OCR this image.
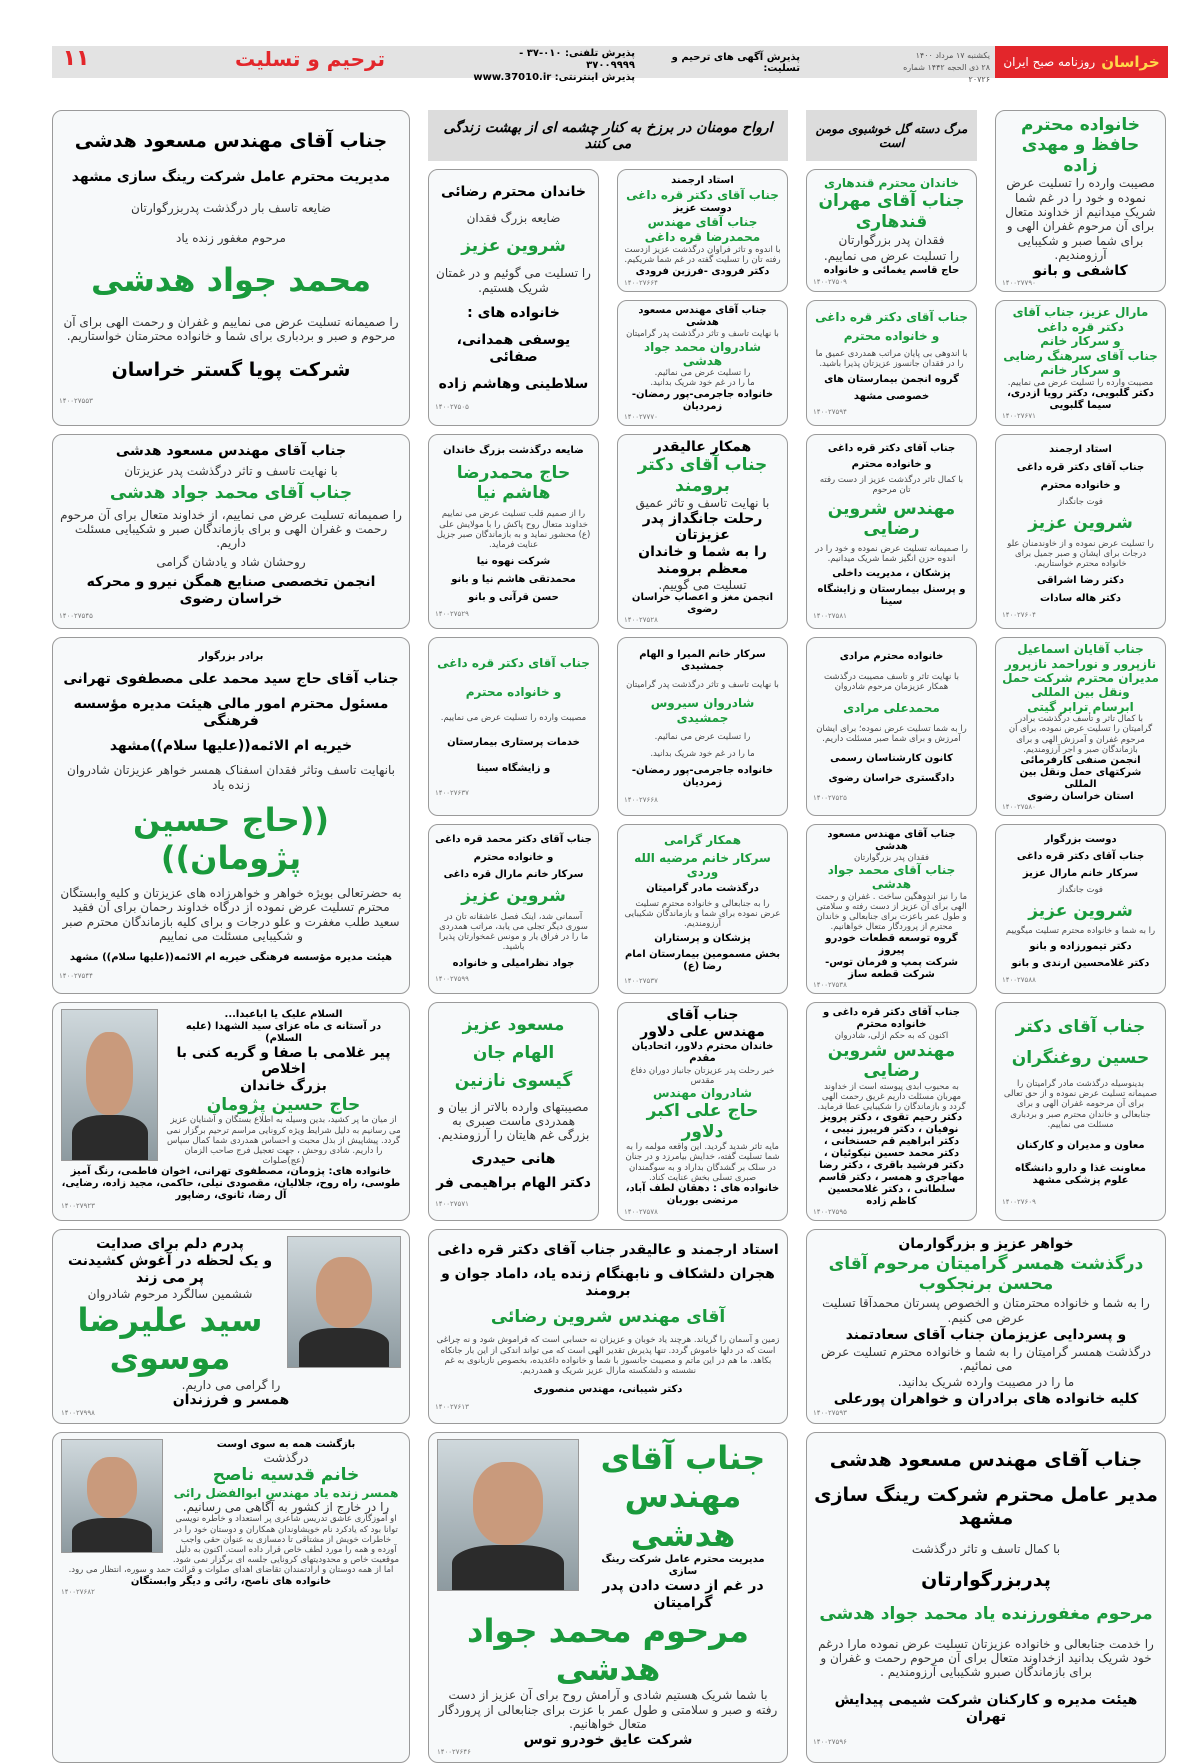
خراسان
روزنامه صبح ایران
یکشنبه ۱۷ مرداد ۱۴۰۰
۲۸ ذی الحجه ۱۴۴۲ شماره ۲۰۷۲۶
پذیرش آگهی های ترحیم و تسلیت:
پذیرش تلفنی: ۰۱۰-۳۷ - ۳۷۰۰۹۹۹۹
پذیرش اینترنتی: www.37010.ir
ترحیم و تسلیت
۱۱
جناب آقای مهندس مسعود هدشی
مدیریت محترم عامل شرکت رینگ سازی مشهد
ضایعه تاسف بار درگذشت پدربزرگوارتان
مرحوم مغفور زنده یاد
محمد جواد هدشی
را صمیمانه تسلیت عرض می نماییم و غفران و رحمت الهی برای آن مرحوم و صبر و بردباری برای شما و خانواده محترمتان خواستاریم.
شرکت پویا گستر خراسان
۱۴۰۰۲۷۵۵۳
ارواح مومنان در برزخ به کنار چشمه ای از بهشت زندگی می کنند
مرگ دسته گل خوشبوی مومن است
خانواده محترم
حافظ و مهدی زاده
مصیبت وارده را تسلیت عرض نموده و خود را در غم شما شریک میدانیم از خداوند متعال برای آن مرحوم غفران الهی و برای شما صبر و شکیبایی آرزومندیم.
کاشفی و بانو
۱۴۰۰۲۷۷۹۰
خاندان محترم رضائی
ضایعه بزرگ فقدان
شروین عزیز
را تسلیت می گوئیم و در غمتان شریک هستیم.
خانواده های :
یوسفی همدانی، صفائی
سلاطینی وهاشم زاده
۱۴۰۰۲۷۵۰۵
استاد ارجمند
جناب آقای دکتر قره داغی
دوست عزیز
جناب آقای مهندس محمدرضا قره داغی
با اندوه و تاثر فراوان درگذشت عزیز ازدست رفته تان را تسلیت گفته در غم شما شریکیم.
دکتر فرودی -فرزین فرودی
۱۴۰۰۲۷۶۶۴
خاندان محترم قندهاری
جناب آقای مهران قندهاری
فقدان پدر بزرگوارتان
را تسلیت عرض می نماییم.
حاج قاسم یغمائی و خانواده
۱۴۰۰۲۷۵۰۹
جناب آقای مهندس مسعود هدشی
با نهایت تاسف و تاثر درگذشت پدر گرامیتان
شادروان محمد جواد هدشی
را تسلیت عرض می نمائیم.
ما را در غم خود شریک بدانید.
خانواده جاجرمی-پور رمضان-زمردیان
۱۴۰۰۲۷۷۷۰
جناب آقای دکتر قره داغی
و خانواده محترم
با اندوهی بی پایان مراتب همدردی عمیق ما را در فقدان جانسوز عزیزتان پذیرا باشید.
گروه انجمن بیمارستان های
خصوصی مشهد
۱۴۰۰۲۷۵۹۴
مارال عزیز، جناب آقای دکتر قره داغی
و سرکار خانم
جناب آقای سرهنگ رضایی
و سرکار خانم
مصیبت وارده را تسلیت عرض می نماییم.
دکتر گلبویی، دکتر رویا ازدری، سیما گلبویی
۱۴۰۰۲۷۶۷۱
جناب آقای مهندس مسعود هدشی
با نهایت تاسف و تاثر درگذشت پدر عزیزتان
جناب آقای محمد جواد هدشی
را صمیمانه تسلیت عرض می نماییم، از خداوند متعال برای آن مرحوم رحمت و غفران الهی و برای بازماندگان صبر و شکیبایی مسئلت داریم.
روحشان شاد و یادشان گرامی
انجمن تخصصی صنایع همگن نیرو و محرکه خراسان رضوی
۱۴۰۰۲۷۵۴۵
ضایعه درگذشت بزرگ خاندان
حاج محمدرضا هاشم نیا
را از صمیم قلب تسلیت عرض می نماییم خداوند متعال روح پاکش را با مولایش علی (ع) محشور نماید و به بازماندگان صبر جزیل عنایت فرماید.
شرکت نهوه نیا
محمدتقی هاشم نیا و بانو
حسن قرآنی و بانو
۱۴۰۰۲۷۵۲۹
همکار عالیقدر
جناب آقای دکتر برومند
با نهایت تاسف و تاثر عمیق
رحلت جانگداز پدر عزیزتان
را به شما و خاندان معظم برومند
تسلیت می گوییم.
انجمن مغز و اعصاب خراسان رضوی
۱۴۰۰۲۷۵۲۸
جناب آقای دکتر قره داغی
و خانواده محترم
با کمال تاثر درگذشت عزیز از دست رفته تان مرحوم
مهندس شروین رضایی
را صمیمانه تسلیت عرض نموده و خود را در اندوه حزن انگیز شما شریک میدانیم.
پزشکان ، مدیریت داخلی
و پرسنل بیمارستان و زایشگاه سینا
۱۴۰۰۲۷۵۸۱
استاد ارجمند
جناب آقای دکتر قره داغی
و خانواده محترم
فوت جانگداز
شروین عزیز
را تسلیت عرض نموده و از خاوندمنان علو درجات برای ایشان و صبر جمیل برای خانواده محترم خواستاریم.
دکتر رضا اشراقی
دکتر هاله سادات
۱۴۰۰۲۷۶۰۴
برادر بزرگوار
جناب آقای حاج سید محمد علی مصطفوی تهرانی
مسئول محترم امور مالی هیئت مدیره مؤسسه فرهنگی
خیریه ام الائمه((علیها سلام))مشهد
بانهایت تاسف وتاثر فقدان اسفناک همسر خواهر عزیزتان شادروان زنده یاد
((حاج حسین پژومان))
به حضرتعالی بویژه خواهر و خواهرزاده های عزیزتان و کلیه وابستگان محترم تسلیت عرض نموده از درگاه خداوند رحمان برای آن فقید سعید طلب مغفرت و علو درجات و برای کلیه بازماندگان محترم صبر و شکیبایی مسئلت می نماییم
هیئت مدیره مؤسسه فرهنگی خیریه ام الائمه((علیها سلام)) مشهد
۱۴۰۰۲۷۵۴۴
جناب آقای دکتر قره داغی
و خانواده محترم
مصیبت وارده را تسلیت عرض می نماییم.
خدمات پرستاری بیمارستان
و زایشگاه سینا
۱۴۰۰۲۷۶۳۷
سرکار خانم المیرا و الهام جمشیدی
با نهایت تاسف و تاثر درگذشت پدر گرامیتان
شادروان سیروس جمشیدی
را تسلیت عرض می نمائیم.
ما را در غم خود شریک بدانید.
خانواده جاجرمی-پور رمضان-زمردیان
۱۴۰۰۲۷۶۶۸
خانواده محترم مرادی
با نهایت تاثر و تاسف مصیبت درگذشت همکار عزیزمان مرحوم شادروان
محمدعلی مرادی
را به شما تسلیت عرض نموده؛ برای ایشان آمرزش و برای شما صبر مسئلت داریم.
کانون کارشناسان رسمی
دادگستری خراسان رضوی
۱۴۰۰۲۷۵۲۵
جناب آقایان اسماعیل نازپرور و نوراحمد نازپرور
مدیران محترم شرکت حمل ونقل بین المللی
ابرسام ترابر گیتی
با کمال تاثر و تأسف درگذشت برادر گرامیتان را تسلیت عرض نموده، برای آن مرحوم غفران و آمرزش الهی و برای بازماندگان صبر و اجر آرزومندیم.
انجمن صنفی کارفرمائی شرکتهای حمل ونقل بین المللی
استان خراسان رضوی
۱۴۰۰۲۷۵۸۰
جناب آقای دکتر محمد قره داغی
و خانواده محترم
سرکار خانم مارال قره داغی
شروین عزیز
آسمانی شد، اینک فصل عاشقانه تان در سوری دیگر تجلی می یابد، مراتب همدردی ما را در فراق یار و مونس غمخوارتان پذیرا باشید.
جواد نظرامیلی و خانواده
۱۴۰۰۲۷۵۹۹
همکار گرامی
سرکار خانم مرضیه الله وردی
درگذشت مادر گرامیتان
را به جنابعالی و خانواده محترم تسلیت عرض نموده برای شما و بازماندگان شکیبایی آرزومندیم.
پزشکان و پرستاران
بخش مسمومین بیمارستان امام رضا (ع)
۱۴۰۰۲۷۵۳۷
جناب آقای مهندس مسعود هدشی
فقدان پدر بزرگوارتان
جناب آقای محمد جواد هدشی
ما را نیز اندوهگین ساخت . غفران و رحمت الهی برای آن عزیز از دست رفته و سلامتی و طول عمر باعزت برای جنابعالی و خاندان محترم از پروردگار متعال خواهانیم.
گروه توسعه قطعات خودرو پیروز
شرکت پمپ و فرمان توس-شرکت قطعه ساز
۱۴۰۰۲۷۵۳۸
دوست بزرگوار
جناب آقای دکتر قره داغی
سرکار خانم مارال عزیز
فوت جانگداز
شروین عزیز
را به شما و خانواده محترم تسلیت میگوییم
دکتر تیمورزاده و بانو
دکتر غلامحسین ارندی و بانو
۱۴۰۰۲۷۵۸۸
السلام علیک یا اباعبدا...
در آستانه ی ماه عزای سید الشهدا (علیه السلام)
پیر غلامی با صفا و گریه کنی با اخلاص
بزرگ خاندان
حاج حسین پژومان
از میان ما پر کشید، بدین وسیله به اطلاع بستگان و آشنایان عزیز می رسانیم به دلیل شرایط ویژه کرونایی مراسم ترحیم برگزار نمی گردد. پیشاپیش از بذل محبت و احساس همدردی شما کمال سپاس را داریم. شادی روحش ، جهت تعجیل فرج صاحب الزمان (عج)صلوات
خانواده های: پژومان، مصطفوی تهرانی، اخوان فاطمی، رنگ آمیز طوسی، راه روح، جلالیان، مقصودی نیلی، حاکمی، مجید زاده، رضایی، آل رضا، ثانوی، رضاپور
۱۴۰۰۲۷۹۲۳
مسعود عزیز
الهام جان
گیسوی نازنین
مصیبتهای وارده بالاتر از بیان و همدردی ماست صبری به بزرگی غم هایتان را آرزومندیم.
هانی حیدری
دکتر الهام براهیمی فر
۱۴۰۰۲۷۵۷۱
جناب آقای
مهندس علی دلاور
خاندان محترم دلاور، اتحادیان مقدم
خبر رحلت پدر عزیزتان جانباز دوران دفاع مقدس
شادروان مهندس
حاج علی اکبر دلاور
مایه تاثر شدید گردید. این واقعه مولمه را به شما تسلیت گفته، خدایش بیامرزد و در جنان در سلک بر گشدگان بداراد و به سوگمندان صبری تسلی بخش عنایت کناد.
خانواده های : دهقان لطف آباد، مرتضی بوربان
۱۴۰۰۲۷۵۷۸
جناب آقای دکتر قره داغی و
خانواده محترم
اکنون که به حکم ازلی، شادروان
مهندس شروین رضایی
به محبوب ابدی پیوسته است از خداوند مهربان مسئلت داریم غریق رحمت الهی گردد و بازماندگان را شکیبایی عطا فرماید.
دکتر رحیم تقوی ، دکتر پرویز نوفیان ، دکتر فریبرز نیبی ، دکتر ابراهیم قم حسنخانی ، دکتر محمد حسین نیکوئیان ، دکتر فرشید باقری ، دکتر رضا مهاجری و همسر ، دکتر قاسم سلطانی ، دکتر غلامحسین کاظم زاده
۱۴۰۰۲۷۵۹۵
جناب آقای دکتر
حسین روغنگران
بدینوسیله درگذشت مادر گرامیتان را صمیمانه تسلیت عرض نموده و از حق تعالی برای آن مرحومه غفران الهی و برای جنابعالی و خاندان محترم صبر و بردباری مسئلت می نماییم.
معاون و مدیران و کارکنان
معاونت غذا و دارو دانشگاه علوم پزشکی مشهد
۱۴۰۰۲۷۶۰۹
پدرم دلم برای صدایت
و یک لحظه در آغوش کشیدنت پر می زند
ششمین سالگرد مرحوم شادروان
سید علیرضا موسوی
را گرامی می داریم.
همسر و فرزندان
۱۴۰۰۲۷۹۹۸
استاد ارجمند و عالیقدر جناب آقای دکتر قره داغی
هجران دلشکاف و نابهنگام زنده یاد، داماد جوان و برومند
آقای مهندس شروین رضائی
زمین و آسمان را گریاند. هرچند یاد خوبان و عزیزان نه حسابی است که فراموش شود و نه چراغی است که در دلها خاموش گردد. تنها پذیرش تقدیر الهی است که می تواند اندکی از این بار جانکاه بکاهد. ما هم در این ماتم و مصیبت جانسوز با شما و خانواده داغدیده، بخصوص نازبانوی به غم نشسته و دلشکسته مارال عزیز شریک و همدردیم.
دکتر شیبانی، مهندس منصوری
۱۴۰۰۲۷۶۱۳
خواهر عزیز و بزرگوارمان
درگذشت همسر گرامیتان مرحوم آقای محسن برنجکوب
را به شما و خانواده محترمتان و الخصوص پسرتان محمدآقا تسلیت عرض می کنیم.
و پسردایی عزیزمان جناب آقای سعادتمند
درگذشت همسر گرامیتان را به شما و خانواده محترم تسلیت عرض می نمائیم.
ما را در مصیبت وارده شریک بدانید.
کلیه خانواده های برادران و خواهران پورعلی
۱۴۰۰۲۷۵۹۳
بازگشت همه به سوی اوست
درگذشت
خانم قدسیه ناصح
همسر زنده یاد مهندس ابوالفضل رائی
را در خارج از کشور به آگاهی می رسانیم.
او آموزگاری عاشق تدریس شاعری پر استعداد و خاطره نویسی توانا بود که یادکرد نام خویشاوندان همکاران و دوستان خود را در خاطرات خویش از مشتاقی تا دمسازی به عنوان حقی واجب آورده و همه را مورد لطف خاص قرار داده است. اکنون به دلیل موقعیت خاص و محدودیتهای کرونایی جلسه ای برگزار نمی شود. اما از همه دوستان و ارادتمندان تقاضای اهدای صلوات و قرائت حمد و سوره، انتظار می رود.
خانواده های ناصح، رائی و دیگر وابستگان
۱۴۰۰۲۷۶۸۲
جناب آقای
مهندس هدشی
مدیریت محترم عامل شرکت رینگ سازی
در غم از دست دادن پدر گرامیتان
مرحوم محمد جواد هدشی
با شما شریک هستیم شادی و آرامش روح برای آن عزیز از دست رفته و صبر و سلامتی و طول عمر با عزت برای جنابعالی از پروردگار متعال خواهانیم.
شرکت عایق خودرو توس
۱۴۰۰۲۷۶۴۶
جناب آقای مهندس مسعود هدشی
مدیر عامل محترم شرکت رینگ سازی مشهد
با کمال تاسف و تاثر درگذشت
پدربزرگوارتان
مرحوم مغفورزنده یاد محمد جواد هدشی
را خدمت جنابعالی و خانواده عزیزتان تسلیت عرض نموده مارا درغم خود شریک بدانید ازخداوند متعال برای آن مرحوم رحمت و غفران و برای بازماندگان صبرو شکیبایی آرزومندیم .
هیئت مدیره و کارکنان شرکت شیمی پیدایش تهران
۱۴۰۰۲۷۵۹۶
